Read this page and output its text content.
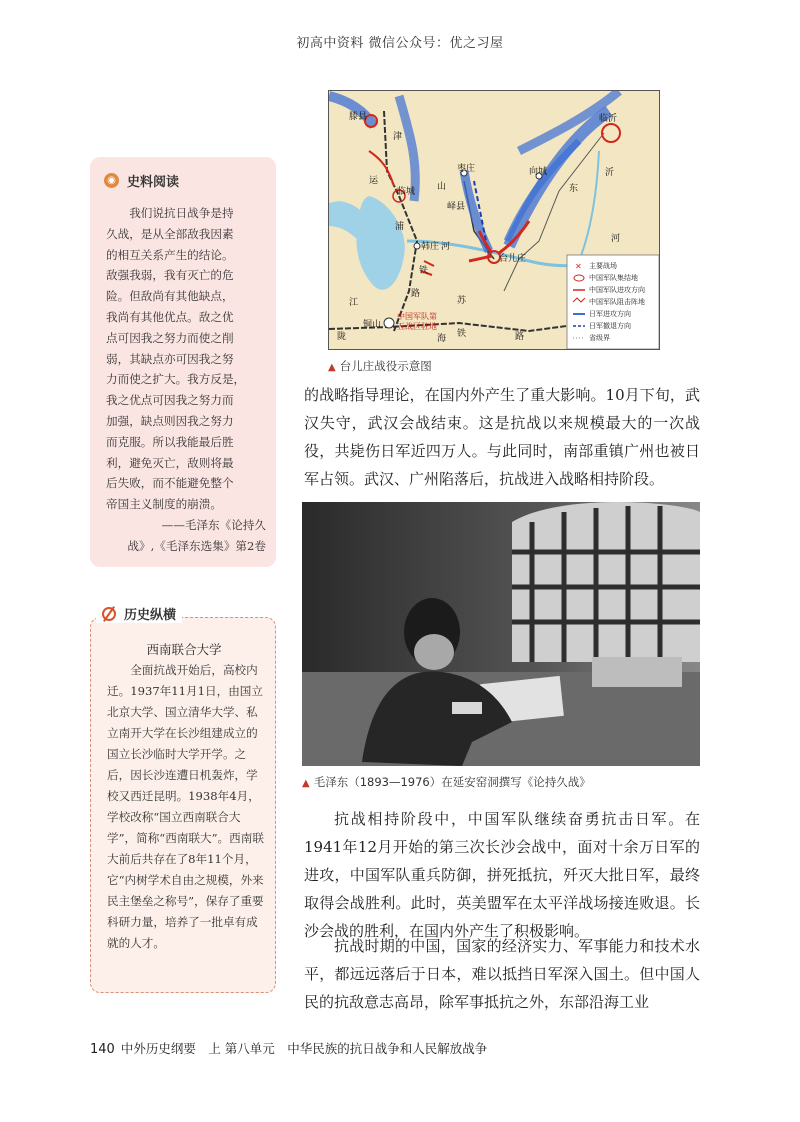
初高中资料 微信公众号：优之习屋
◉ 史料阅读
我们说抗日战争是持
久战，是从全部敌我因素
的相互关系产生的结论。
敌强我弱，我有灭亡的危
险。但敌尚有其他缺点，
我尚有其他优点。敌之优
点可因我之努力而使之削
弱，其缺点亦可因我之努
力而使之扩大。我方反是，
我之优点可因我之努力而
加强，缺点则因我之努力
而克服。所以我能最后胜
利，避免灭亡，敌则将最
后失败，而不能避免整个
帝国主义制度的崩溃。
——毛泽东《论持久
战》,《毛泽东选集》第2卷
西南联合大学

全面抗战开始后，高校内迁。1937年11月1日，由国立北京大学、国立清华大学、私立南开大学在长沙组建成立的国立长沙临时大学开学。之后，因长沙连遭日机轰炸，学校又西迁昆明。1938年4月，学校改称“国立西南联合大学”，简称“西南联大”。西南联大前后共存在了8年11个月，它“内树学术自由之规模，外来民主堡垒之称号”，保存了重要科研力量，培养了一批卓有成就的人才。

历史纵横
滕县	临沂
枣庄	向城
临城
峄县
韩庄
台儿庄
铜山
中国军队第
五战区驻地
津
浦
运
山
河
东
沂
河
铁
江
路
苏
陇	海 铁	路
✕ 主要战场
中国军队集结地
中国军队进攻方向
中国军队阻击阵地
日军进攻方向
日军撤退方向
省级界
▲ 台儿庄战役示意图

的战略指导理论，在国内外产生了重大影响。10月下旬，武汉失守，武汉会战结束。这是抗战以来规模最大的一次战役，共毙伤日军近四万人。与此同时，南部重镇广州也被日军占领。武汉、广州陷落后，抗战进入战略相持阶段。

▲ 毛泽东（1893—1976）在延安窑洞撰写《论持久战》

抗战相持阶段中，中国军队继续奋勇抗击日军。在1941年12月开始的第三次长沙会战中，面对十余万日军的进攻，中国军队重兵防御，拼死抵抗，歼灭大批日军，最终取得会战胜利。此时，英美盟军在太平洋战场接连败退。长沙会战的胜利，在国内外产生了积极影响。

抗战时期的中国，国家的经济实力、军事能力和技术水平，都远远落后于日本，难以抵挡日军深入国土。但中国人民的抗敌意志高昂，除军事抵抗之外，东部沿海工业

140 中外历史纲要　上 第八单元　中华民族的抗日战争和人民解放战争
